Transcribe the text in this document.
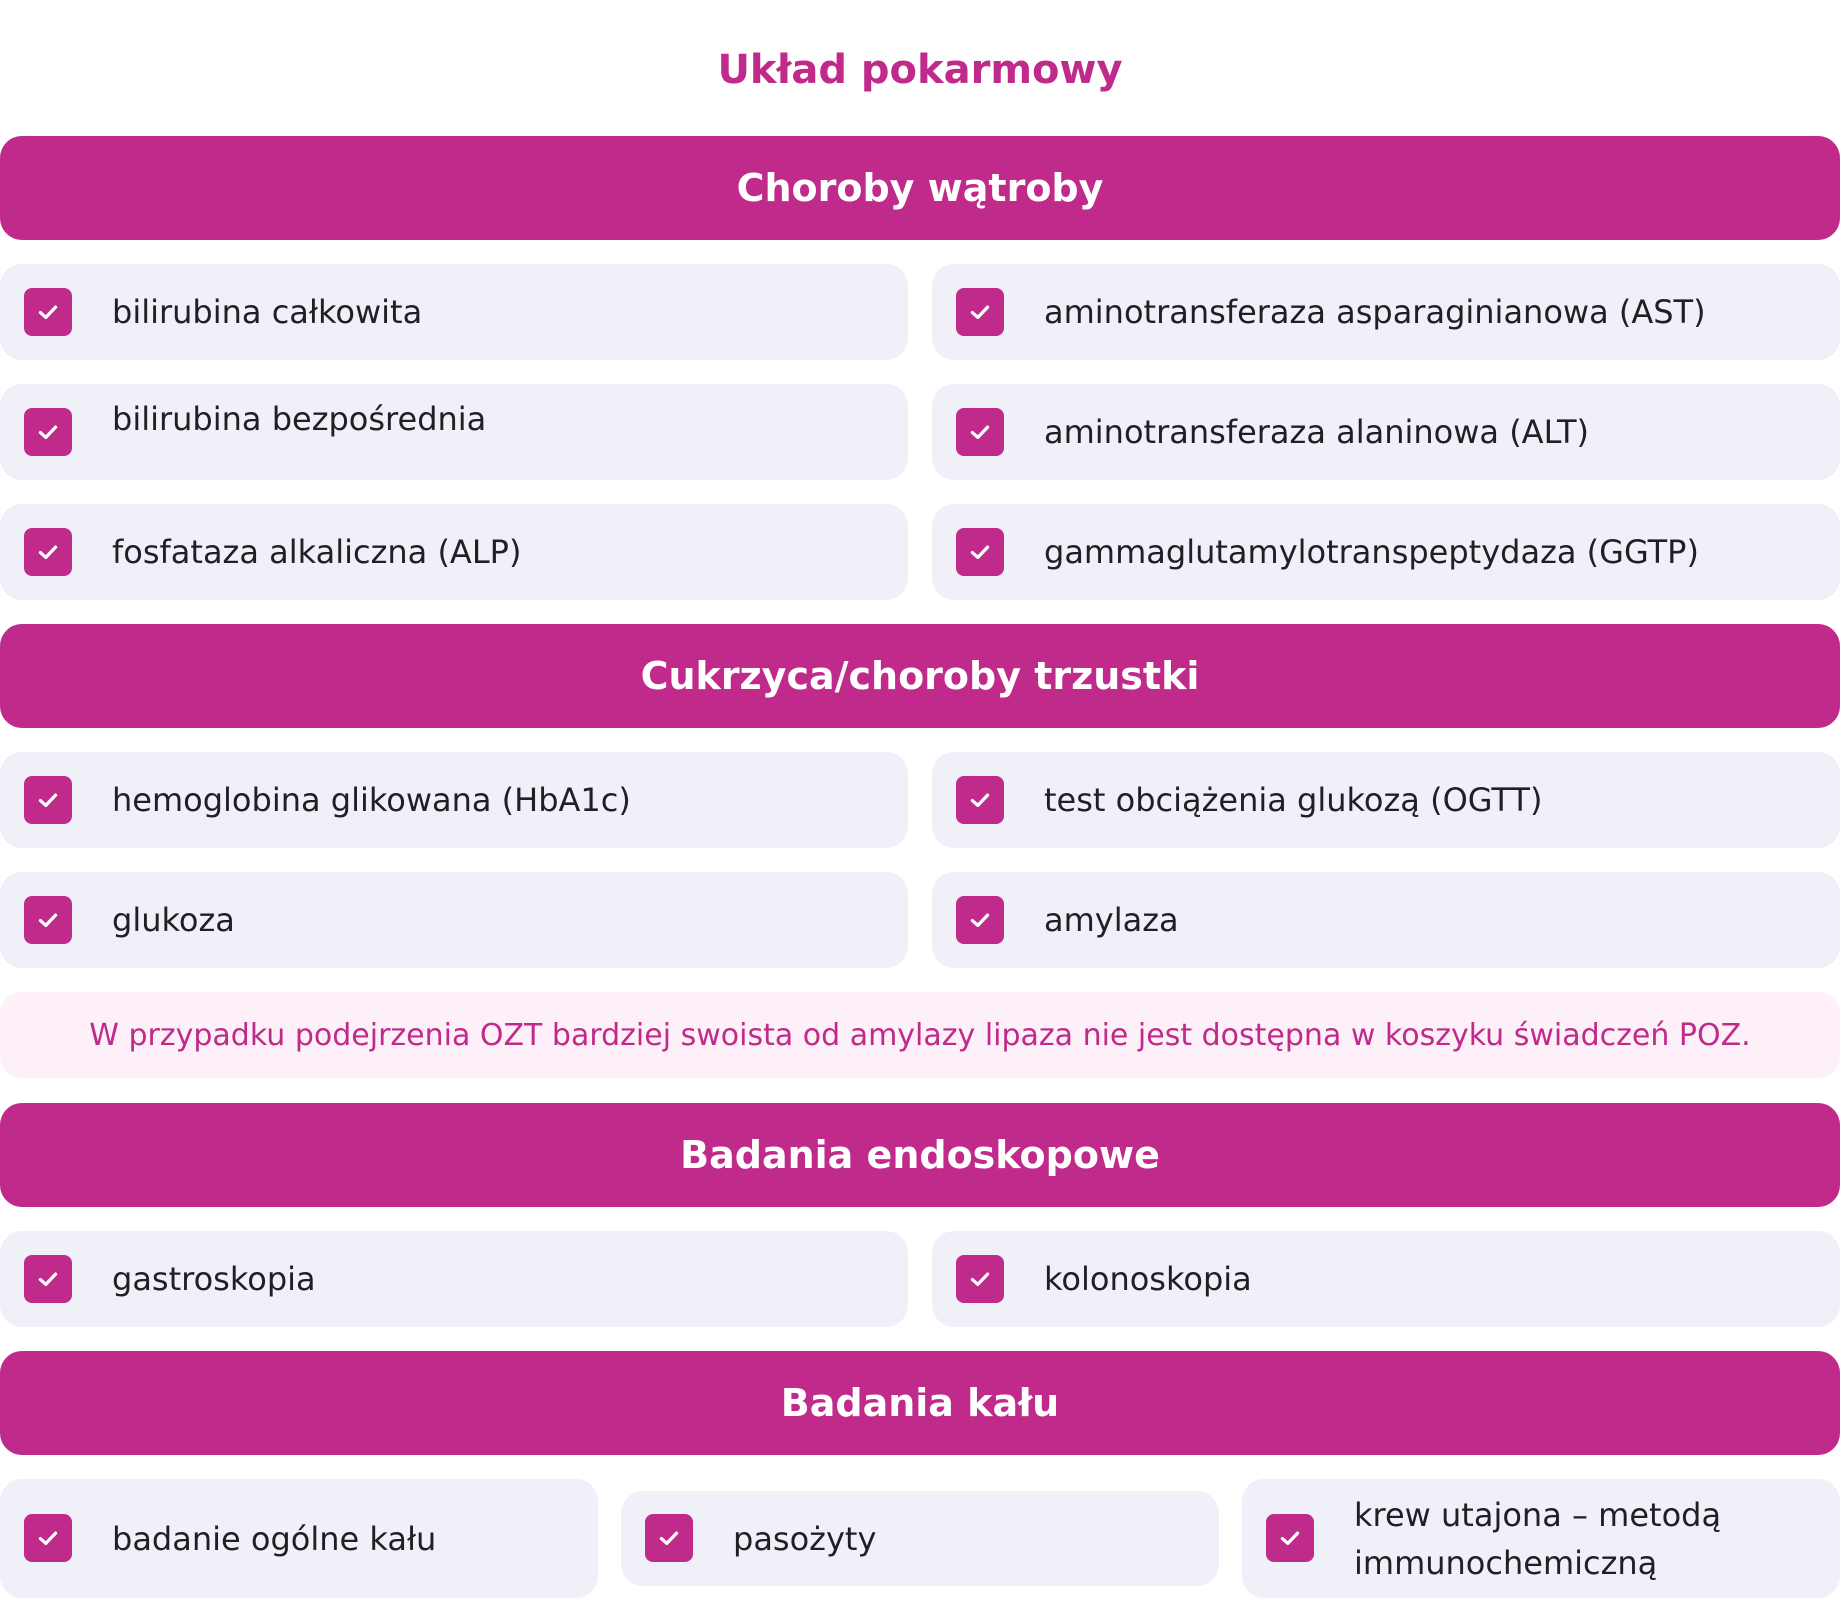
Układ pokarmowy
Choroby wątroby
bilirubina całkowita	aminotransferaza asparaginianowa (AST)
bilirubina bezpośrednia	aminotransferaza alaninowa (ALT)
fosfataza alkaliczna (ALP)	gammaglutamylotranspeptydaza (GGTP)
Cukrzyca/choroby trzustki
hemoglobina glikowana (HbA1c)	test obciążenia glukozą (OGTT)
glukoza	amylaza
W przypadku podejrzenia OZT bardziej swoista od amylazy lipaza nie jest dostępna w koszyku świadczeń POZ.
Badania endoskopowe
gastroskopia	kolonoskopia
Badania kału
badanie ogólne kału	pasożyty
krew utajona – metodą immunochemiczną
